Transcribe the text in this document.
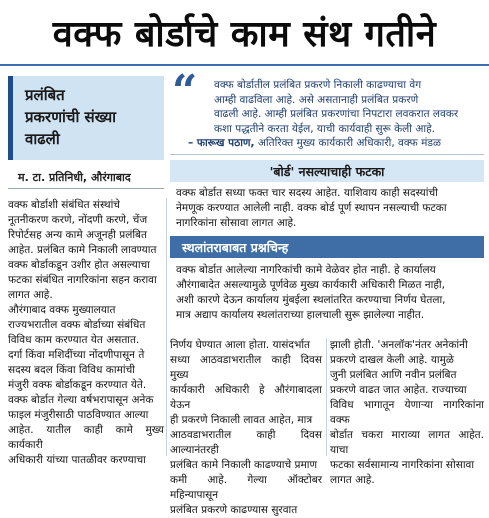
वक्फ बोर्डाचे काम संथ गतीने
प्रलंबित
प्रकरणांची संख्या
वाढली
म. टा. प्रतिनिधी, औरंगाबाद
“ वक्फ बोर्डातील प्रलंबित प्रकरणे निकाली काढण्याचा वेग
आम्ही वाढविला आहे. असे असतानाही प्रलंबित प्रकरणे
वाढली आहे. आम्ही प्रलंबित प्रकरणांचा निपटारा लवकरात लवकर
कशा पद्धतीने करता येईल, याची कार्यवाही सुरू केली आहे.
– फारूख पठाण, अतिरिक्त मुख्य कार्यकारी अधिकारी, वक्फ मंडळ
'बोर्ड' नसल्याचाही फटका
वक्फ बोर्डात सध्या फक्त चार सदस्य आहेत. याशिवाय काही सदस्यांची
नेमणूक करण्यात आलेली नाही. वक्फ बोर्ड पूर्ण स्थापन नसल्याची फटका
नागरिकांना सोसावा लागत आहे.
स्थलांतराबाबत प्रश्नचिन्ह
वक्फ बोर्डात आलेल्या नागरिकांची कामे वेळेवर होत नाही. हे कार्यालय
औरंगाबादेत असल्यामुळे पूर्णवेळ मुख्य कार्यकारी अधिकारी मिळत नाही,
अशी कारणे देऊन कार्यालय मुंबईला स्थलांतरित करण्याचा निर्णय घेतला,
मात्र अद्याप कार्यालय स्थलांतराच्या हालचाली सुरू झालेल्या नाहीत.
वक्फ बोर्डाशी संबंधित संस्थांचे
नूतनीकरण करणे, नोंदणी करणे, चेंज
रिपोर्टसह अन्य कामे अजूनही प्रलंबित
आहेत. प्रलंबित कामे निकाली लावण्यात
वक्फ बोर्डाकडून उशीर होत असल्याचा
फटका संबंधित नागरिकांना सहन करावा
लागत आहे.
औरंगाबाद वक्फ मुख्यालयात
राज्यभरातील वक्फ बोर्डाच्या संबंधित
विविध काम करण्यात येत असतात.
दर्गा किंवा मशिदींच्या नोंदणीपासून ते
सदस्य बदल किंवा विविध कामांची
मंजुरी वक्फ बोर्डाकडून करण्यात येते.
वक्फ बोर्डात गेल्या वर्षभरापासून अनेक
फाइल मंजुरीसाठी पाठविण्यात आल्या
आहेत. यातील काही कामे मुख्य कार्यकारी
अधिकारी यांच्या पातळीवर करण्याचा
निर्णय घेण्यात आला होता. यासंदर्भात
सध्या आठवडाभरातील काही दिवस मुख्य
कार्यकारी अधिकारी हे औरंगाबादला येऊन
ही प्रकरणे निकाली लावत आहेत, मात्र
आठवडाभरातील काही दिवस आल्यानंतरही
प्रलंबित कामे निकाली काढण्याचे प्रमाण
कमी आहे. गेल्या ऑक्टोबर महिन्यापासून
प्रलंबित प्रकरणे काढण्यास सुरवात
झाली होती. 'अनलॉक'नंतर अनेकांनी
प्रकरणे दाखल केली आहे. यामुळे
जुनी प्रलंबित आणि नवीन प्रलंबित
प्रकरणे वाढत जात आहेत. राज्याच्या
विविध भागातून येणाऱ्या नागरिकांना वक्फ
बोर्डात चकरा माराव्या लागत आहेत. याचा
फटका सर्वसामान्य नागरिकांना सोसावा
लागत आहे.
